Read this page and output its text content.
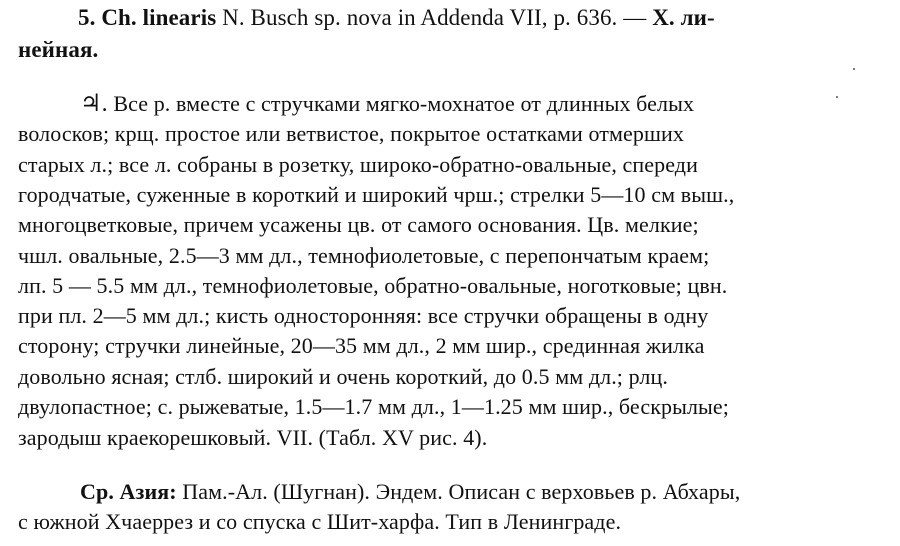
5. Ch. linearis N. Busch sp. nova in Addenda VII, p. 636. — X. ли-
нейная.
♃. Все р. вместе с стручками мягко-мохнатое от длинных белых
волосков; крщ. простое или ветвистое, покрытое остатками отмерших
старых л.; все л. собраны в розетку, широко-обратно-овальные, спереди
городчатые, суженные в короткий и широкий чрш.; стрелки 5—10 см выш.,
многоцветковые, причем усажены цв. от самого основания. Цв. мелкие;
чшл. овальные, 2.5—3 мм дл., темнофиолетовые, с перепончатым краем;
лп. 5 — 5.5 мм дл., темнофиолетовые, обратно-овальные, ноготковые; цвн.
при пл. 2—5 мм дл.; кисть односторонняя: все стручки обращены в одну
сторону; стручки линейные, 20—35 мм дл., 2 мм шир., срединная жилка
довольно ясная; стлб. широкий и очень короткий, до 0.5 мм дл.; рлц.
двулопастное; с. рыжеватые, 1.5—1.7 мм дл., 1—1.25 мм шир., бескрылые;
зародыш краекорешковый. VII. (Табл. XV рис. 4).
Ср. Азия: Пам.-Ал. (Шугнан). Эндем. Описан с верховьев р. Абхары,
с южной Хчаеррез и со спуска с Шит-харфа. Тип в Ленинграде.
